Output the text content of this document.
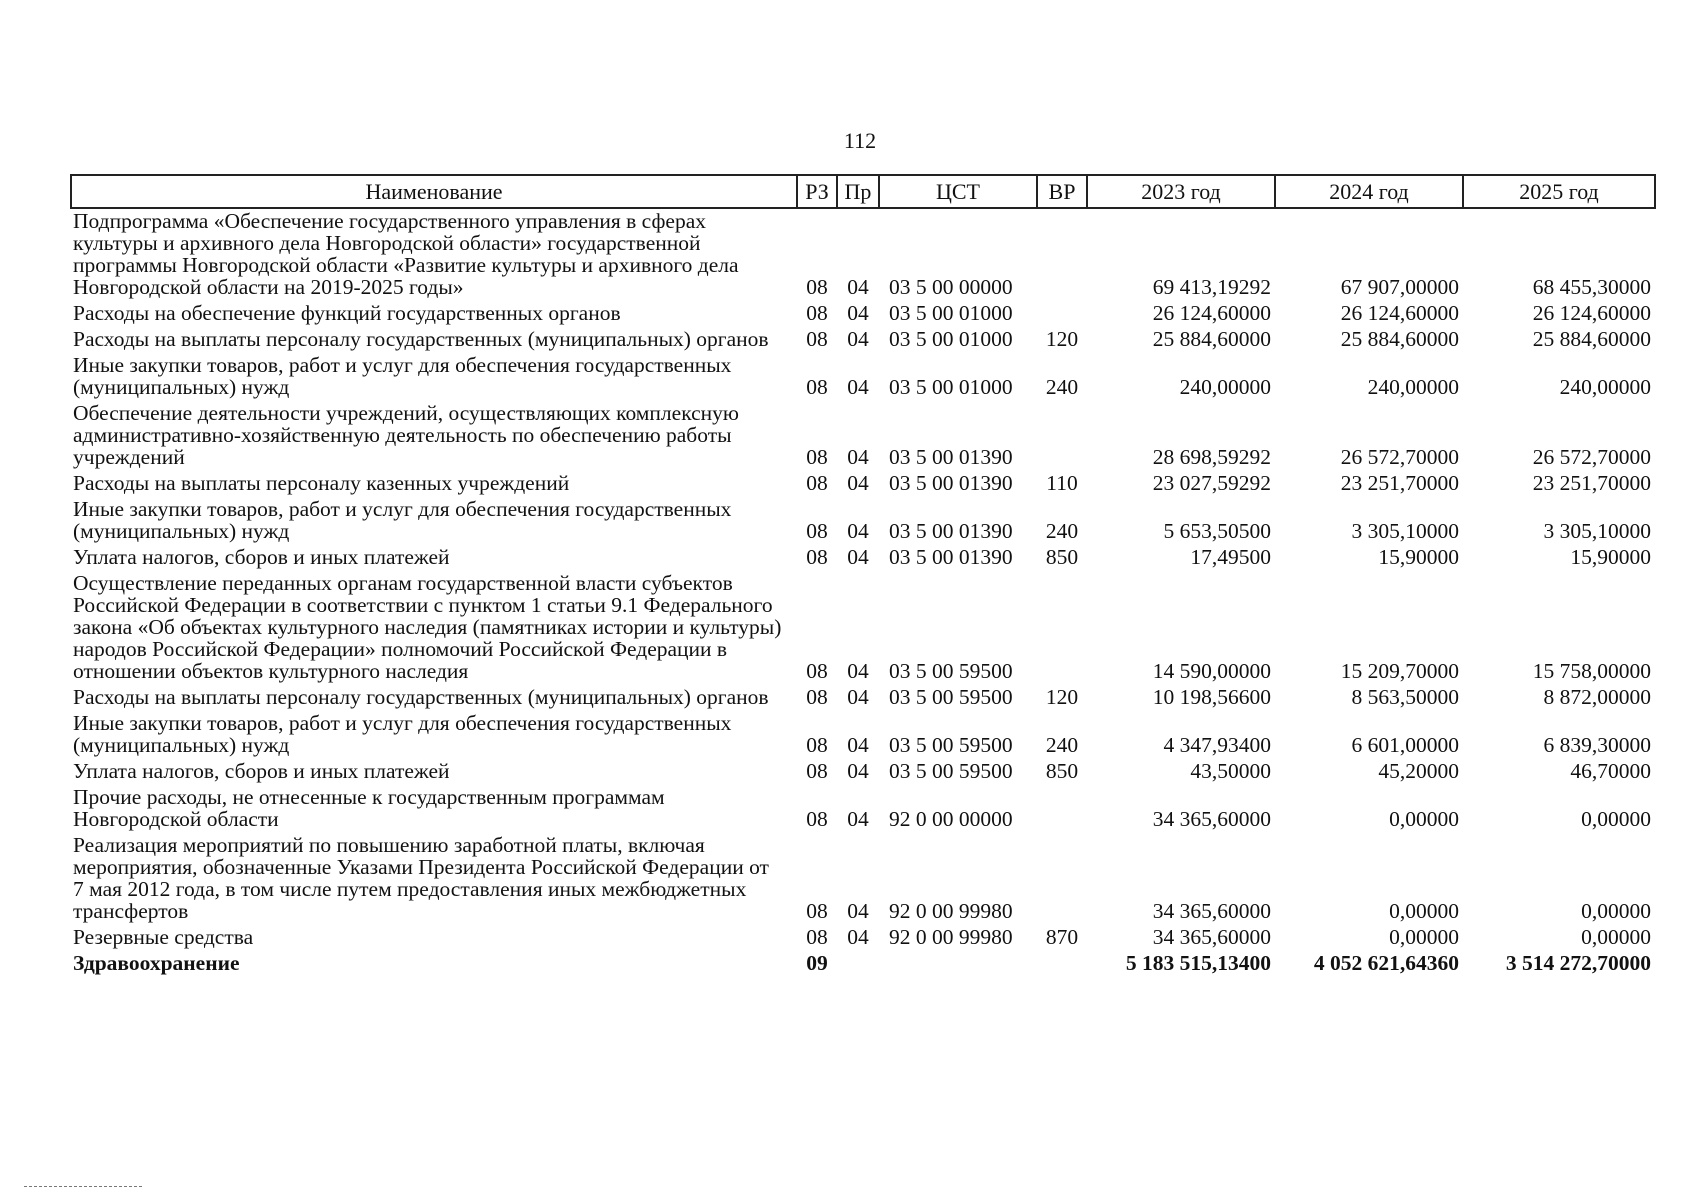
112
Наименование	РЗ	Пр	ЦСТ	ВР	2023 год	2024 год	2025 год
Подпрограмма «Обеспечение государственного управления в сферах культуры и архивного дела Новгородской области» государственной программы Новгородской области «Развитие культуры и архивного дела Новгородской области на 2019-2025 годы»	08	04	03 5 00 00000		69 413,19292	67 907,00000	68 455,30000
Расходы на обеспечение функций государственных органов	08	04	03 5 00 01000		26 124,60000	26 124,60000	26 124,60000
Расходы на выплаты персоналу государственных (муниципальных) органов	08	04	03 5 00 01000	120	25 884,60000	25 884,60000	25 884,60000
Иные закупки товаров, работ и услуг для обеспечения государственных (муниципальных) нужд	08	04	03 5 00 01000	240	240,00000	240,00000	240,00000
Обеспечение деятельности учреждений, осуществляющих комплексную административно-хозяйственную деятельность по обеспечению работы учреждений	08	04	03 5 00 01390		28 698,59292	26 572,70000	26 572,70000
Расходы на выплаты персоналу казенных учреждений	08	04	03 5 00 01390	110	23 027,59292	23 251,70000	23 251,70000
Иные закупки товаров, работ и услуг для обеспечения государственных (муниципальных) нужд	08	04	03 5 00 01390	240	5 653,50500	3 305,10000	3 305,10000
Уплата налогов, сборов и иных платежей	08	04	03 5 00 01390	850	17,49500	15,90000	15,90000
Осуществление переданных органам государственной власти субъектов Российской Федерации в соответствии с пунктом 1 статьи 9.1 Федерального закона «Об объектах культурного наследия (памятниках истории и культуры) народов Российской Федерации» полномочий Российской Федерации в отношении объектов культурного наследия	08	04	03 5 00 59500		14 590,00000	15 209,70000	15 758,00000
Расходы на выплаты персоналу государственных (муниципальных) органов	08	04	03 5 00 59500	120	10 198,56600	8 563,50000	8 872,00000
Иные закупки товаров, работ и услуг для обеспечения государственных (муниципальных) нужд	08	04	03 5 00 59500	240	4 347,93400	6 601,00000	6 839,30000
Уплата налогов, сборов и иных платежей	08	04	03 5 00 59500	850	43,50000	45,20000	46,70000
Прочие расходы, не отнесенные к государственным программам Новгородской области	08	04	92 0 00 00000		34 365,60000	0,00000	0,00000
Реализация мероприятий по повышению заработной платы, включая мероприятия, обозначенные Указами Президента Российской Федерации от 7 мая 2012 года, в том числе путем предоставления иных межбюджетных трансфертов	08	04	92 0 00 99980		34 365,60000	0,00000	0,00000
Резервные средства	08	04	92 0 00 99980	870	34 365,60000	0,00000	0,00000
Здравоохранение	09				5 183 515,13400	4 052 621,64360	3 514 272,70000
